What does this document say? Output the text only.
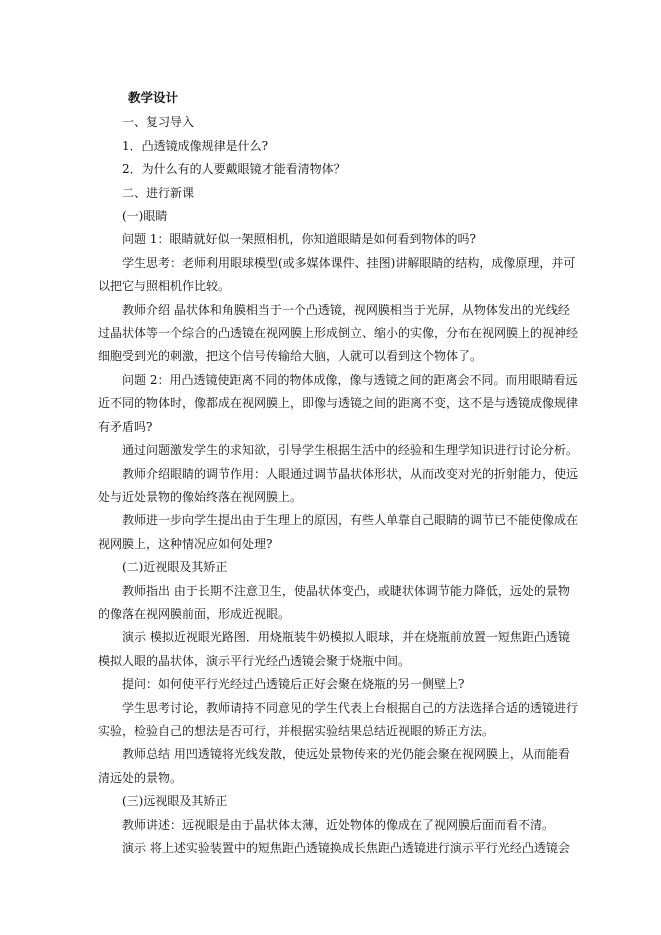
教学设计
一、复习导入
1．凸透镜成像规律是什么?
2．为什么有的人要戴眼镜才能看清物体？
二、进行新课
(一)眼睛
问题 1：眼睛就好似一架照相机，你知道眼睛是如何看到物体的吗?
学生思考：老师利用眼球模型(或多媒体课件、挂图)讲解眼睛的结构，成像原理，并可
以把它与照相机作比较。
教师介绍 晶状体和角膜相当于一个凸透镜，视网膜相当于光屏，从物体发出的光线经
过晶状体等一个综合的凸透镜在视网膜上形成倒立、缩小的实像，分布在视网膜上的视神经
细胞受到光的刺激，把这个信号传输给大脑，人就可以看到这个物体了。
问题 2：用凸透镜使距离不同的物体成像，像与透镜之间的距离会不同。而用眼睛看远
近不同的物体时，像都成在视网膜上，即像与透镜之间的距离不变，这不是与透镜成像规律
有矛盾吗?
通过问题激发学生的求知欲，引导学生根据生活中的经验和生理学知识进行讨论分析。
教师介绍眼睛的调节作用：人眼通过调节晶状体形状，从而改变对光的折射能力，使远
处与近处景物的像始终落在视网膜上。
教师进一步向学生提出由于生理上的原因，有些人单靠自己眼睛的调节已不能使像成在
视网膜上，这种情况应如何处理?
(二)近视眼及其矫正
教师指出 由于长期不注意卫生，使晶状体变凸，或睫状体调节能力降低，远处的景物
的像落在视网膜前面，形成近视眼。
演示 模拟近视眼光路图．用烧瓶装牛奶模拟人眼球，并在烧瓶前放置一短焦距凸透镜
模拟人眼的晶状体，演示平行光经凸透镜会聚于烧瓶中间。
提问：如何使平行光经过凸透镜后正好会聚在烧瓶的另一侧壁上?
学生思考讨论，教师请持不同意见的学生代表上台根据自己的方法选择合适的透镜进行
实验，检验自己的想法是否可行，并根据实验结果总结近视眼的矫正方法。
教师总结 用凹透镜将光线发散，使远处景物传来的光仍能会聚在视网膜上，从而能看
清远处的景物。
(三)远视眼及其矫正
教师讲述：远视眼是由于晶状体太薄，近处物体的像成在了视网膜后面而看不清。
演示 将上述实验装置中的短焦距凸透镜换成长焦距凸透镜进行演示平行光经凸透镜会
